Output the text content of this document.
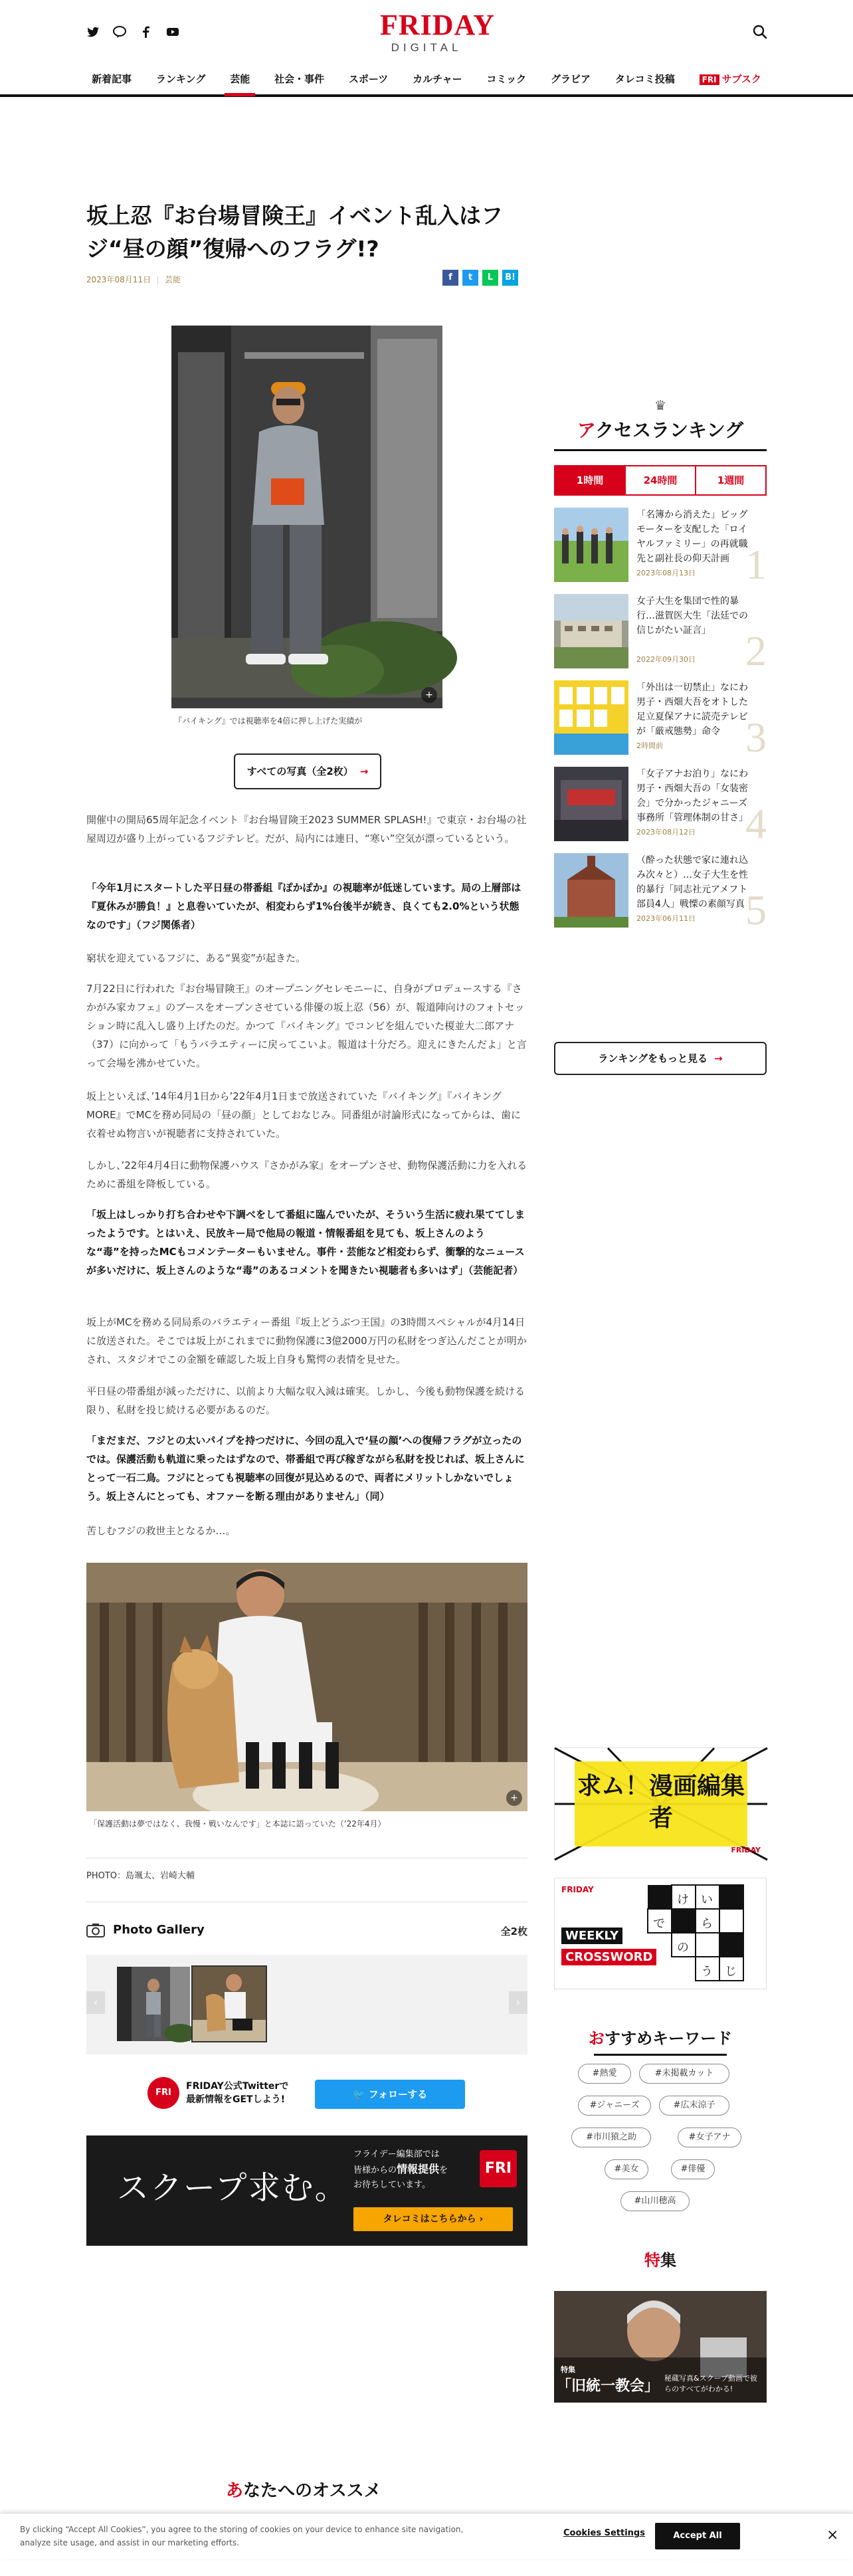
FRIDAY
DIGITAL
新着記事	ランキング	芸能	社会・事件	スポーツ	カルチャー	コミック	グラビア	タレコミ投稿	FRI サブスク
坂上忍『お台場冒険王』イベント乱入はフジ“昼の顔”復帰へのフラグ!?
2023年08月11日 芸能	f	t	L	B!
『バイキング』では視聴率を4倍に押し上げた実績が
+
すべての写真（全2枚） →

開催中の開局65周年記念イベント『お台場冒険王2023 SUMMER SPLASH!』で東京・お台場の社屋周辺が盛り上がっているフジテレビ。だが、局内には連日、“寒い”空気が漂っているという。

「今年1月にスタートした平日昼の帯番組『ぽかぽか』の視聴率が低迷しています。局の上層部は『夏休みが勝負！』と息巻いていたが、相変わらず1%台後半が続き、良くても2.0%という状態なのです」（フジ関係者）

窮状を迎えているフジに、ある“異変”が起きた。

7月22日に行われた『お台場冒険王』のオープニングセレモニーに、自身がプロデュースする『さかがみ家カフェ』のブースをオープンさせている俳優の坂上忍（56）が、報道陣向けのフォトセッション時に乱入し盛り上げたのだ。かつて『バイキング』でコンビを組んでいた榎並大二郎アナ（37）に向かって「もうバラエティーに戻ってこいよ。報道は十分だろ。迎えにきたんだよ」と言って会場を沸かせていた。

坂上といえば、’14年4月1日から’22年4月1日まで放送されていた『バイキング』『バイキングMORE』でMCを務め同局の「昼の顔」としておなじみ。同番組が討論形式になってからは、歯に衣着せぬ物言いが視聴者に支持されていた。

しかし、’22年4月4日に動物保護ハウス『さかがみ家』をオープンさせ、動物保護活動に力を入れるために番組を降板している。

「坂上はしっかり打ち合わせや下調べをして番組に臨んでいたが、そういう生活に疲れ果ててしまったようです。とはいえ、民放キー局で他局の報道・情報番組を見ても、坂上さんのような“毒”を持ったMCもコメンテーターもいません。事件・芸能など相変わらず、衝撃的なニュースが多いだけに、坂上さんのような“毒”のあるコメントを聞きたい視聴者も多いはず」（芸能記者）

坂上がMCを務める同局系のバラエティー番組『坂上どうぶつ王国』の3時間スペシャルが4月14日に放送された。そこでは坂上がこれまでに動物保護に3億2000万円の私財をつぎ込んだことが明かされ、スタジオでこの金額を確認した坂上自身も驚愕の表情を見せた。

平日昼の帯番組が減っただけに、以前より大幅な収入減は確実。しかし、今後も動物保護を続ける限り、私財を投じ続ける必要があるのだ。

「まだまだ、フジとの太いパイプを持つだけに、今回の乱入で‘昼の顔’への復帰フラグが立ったのでは。保護活動も軌道に乗ったはずなので、帯番組で再び稼ぎながら私財を投じれば、坂上さんにとって一石二鳥。フジにとっても視聴率の回復が見込めるので、両者にメリットしかないでしょう。坂上さんにとっても、オファーを断る理由がありません」（同）

苦しむフジの救世主となるか…。

「保護活動は夢ではなく、我慢・戦いなんです」と本誌に語っていた（’22年4月）
+
PHOTO：島颯太、岩崎大輔
Photo Gallery	全2枚
‹	›
FRI
FRIDAY公式Twitterで
最新情報をGETしよう!	🐦 フォローする
スクープ求む。
フライデー編集部では
皆様からの情報提供を
お待ちしています。
FRI
タレコミはこちらから ›
あなたへのオススメ
♛
アクセスランキング
1時間	24時間	1週間
「名簿から消えた」ビッグモーターを支配した「ロイヤルファミリー」の再就職先と副社長の仰天計画
2023年08月13日 1
女子大生を集団で性的暴行…滋賀医大生「法廷での信じがたい証言」
2022年09月30日 2
「外出は一切禁止」なにわ男子・西畑大吾をオトした足立夏保アナに読売テレビが「厳戒態勢」命令
2時間前 3
「女子アナお泊り」なにわ男子・西畑大吾の「女装密会」で分かったジャニーズ事務所「管理体制の甘さ」
2023年08月12日 4
（酔った状態で家に連れ込み次々と）…女子大生を性的暴行「同志社元アメフト部員4人」戦慄の素顔写真
2023年06月11日 5
ランキングをもっと見る →
求ム！漫画編集者
FRIDAY
FRIDAY
WEEKLY
CROSSWORD
け い
で	ら
の
う じ
おすすめキーワード
#熱愛	#未掲載カット
#ジャニーズ	#広末涼子
#市川猿之助	#女子アナ
#美女	#俳優
#山川穂高
特集
特集
「旧統一教会」 秘蔵写真&スクープ動画で彼らのすべてがわかる!
By clicking “Accept All Cookies”, you agree to the storing of cookies on your device to enhance site navigation, analyze site usage, and assist in our marketing efforts.
Cookies Settings	Accept All Cookies
×
